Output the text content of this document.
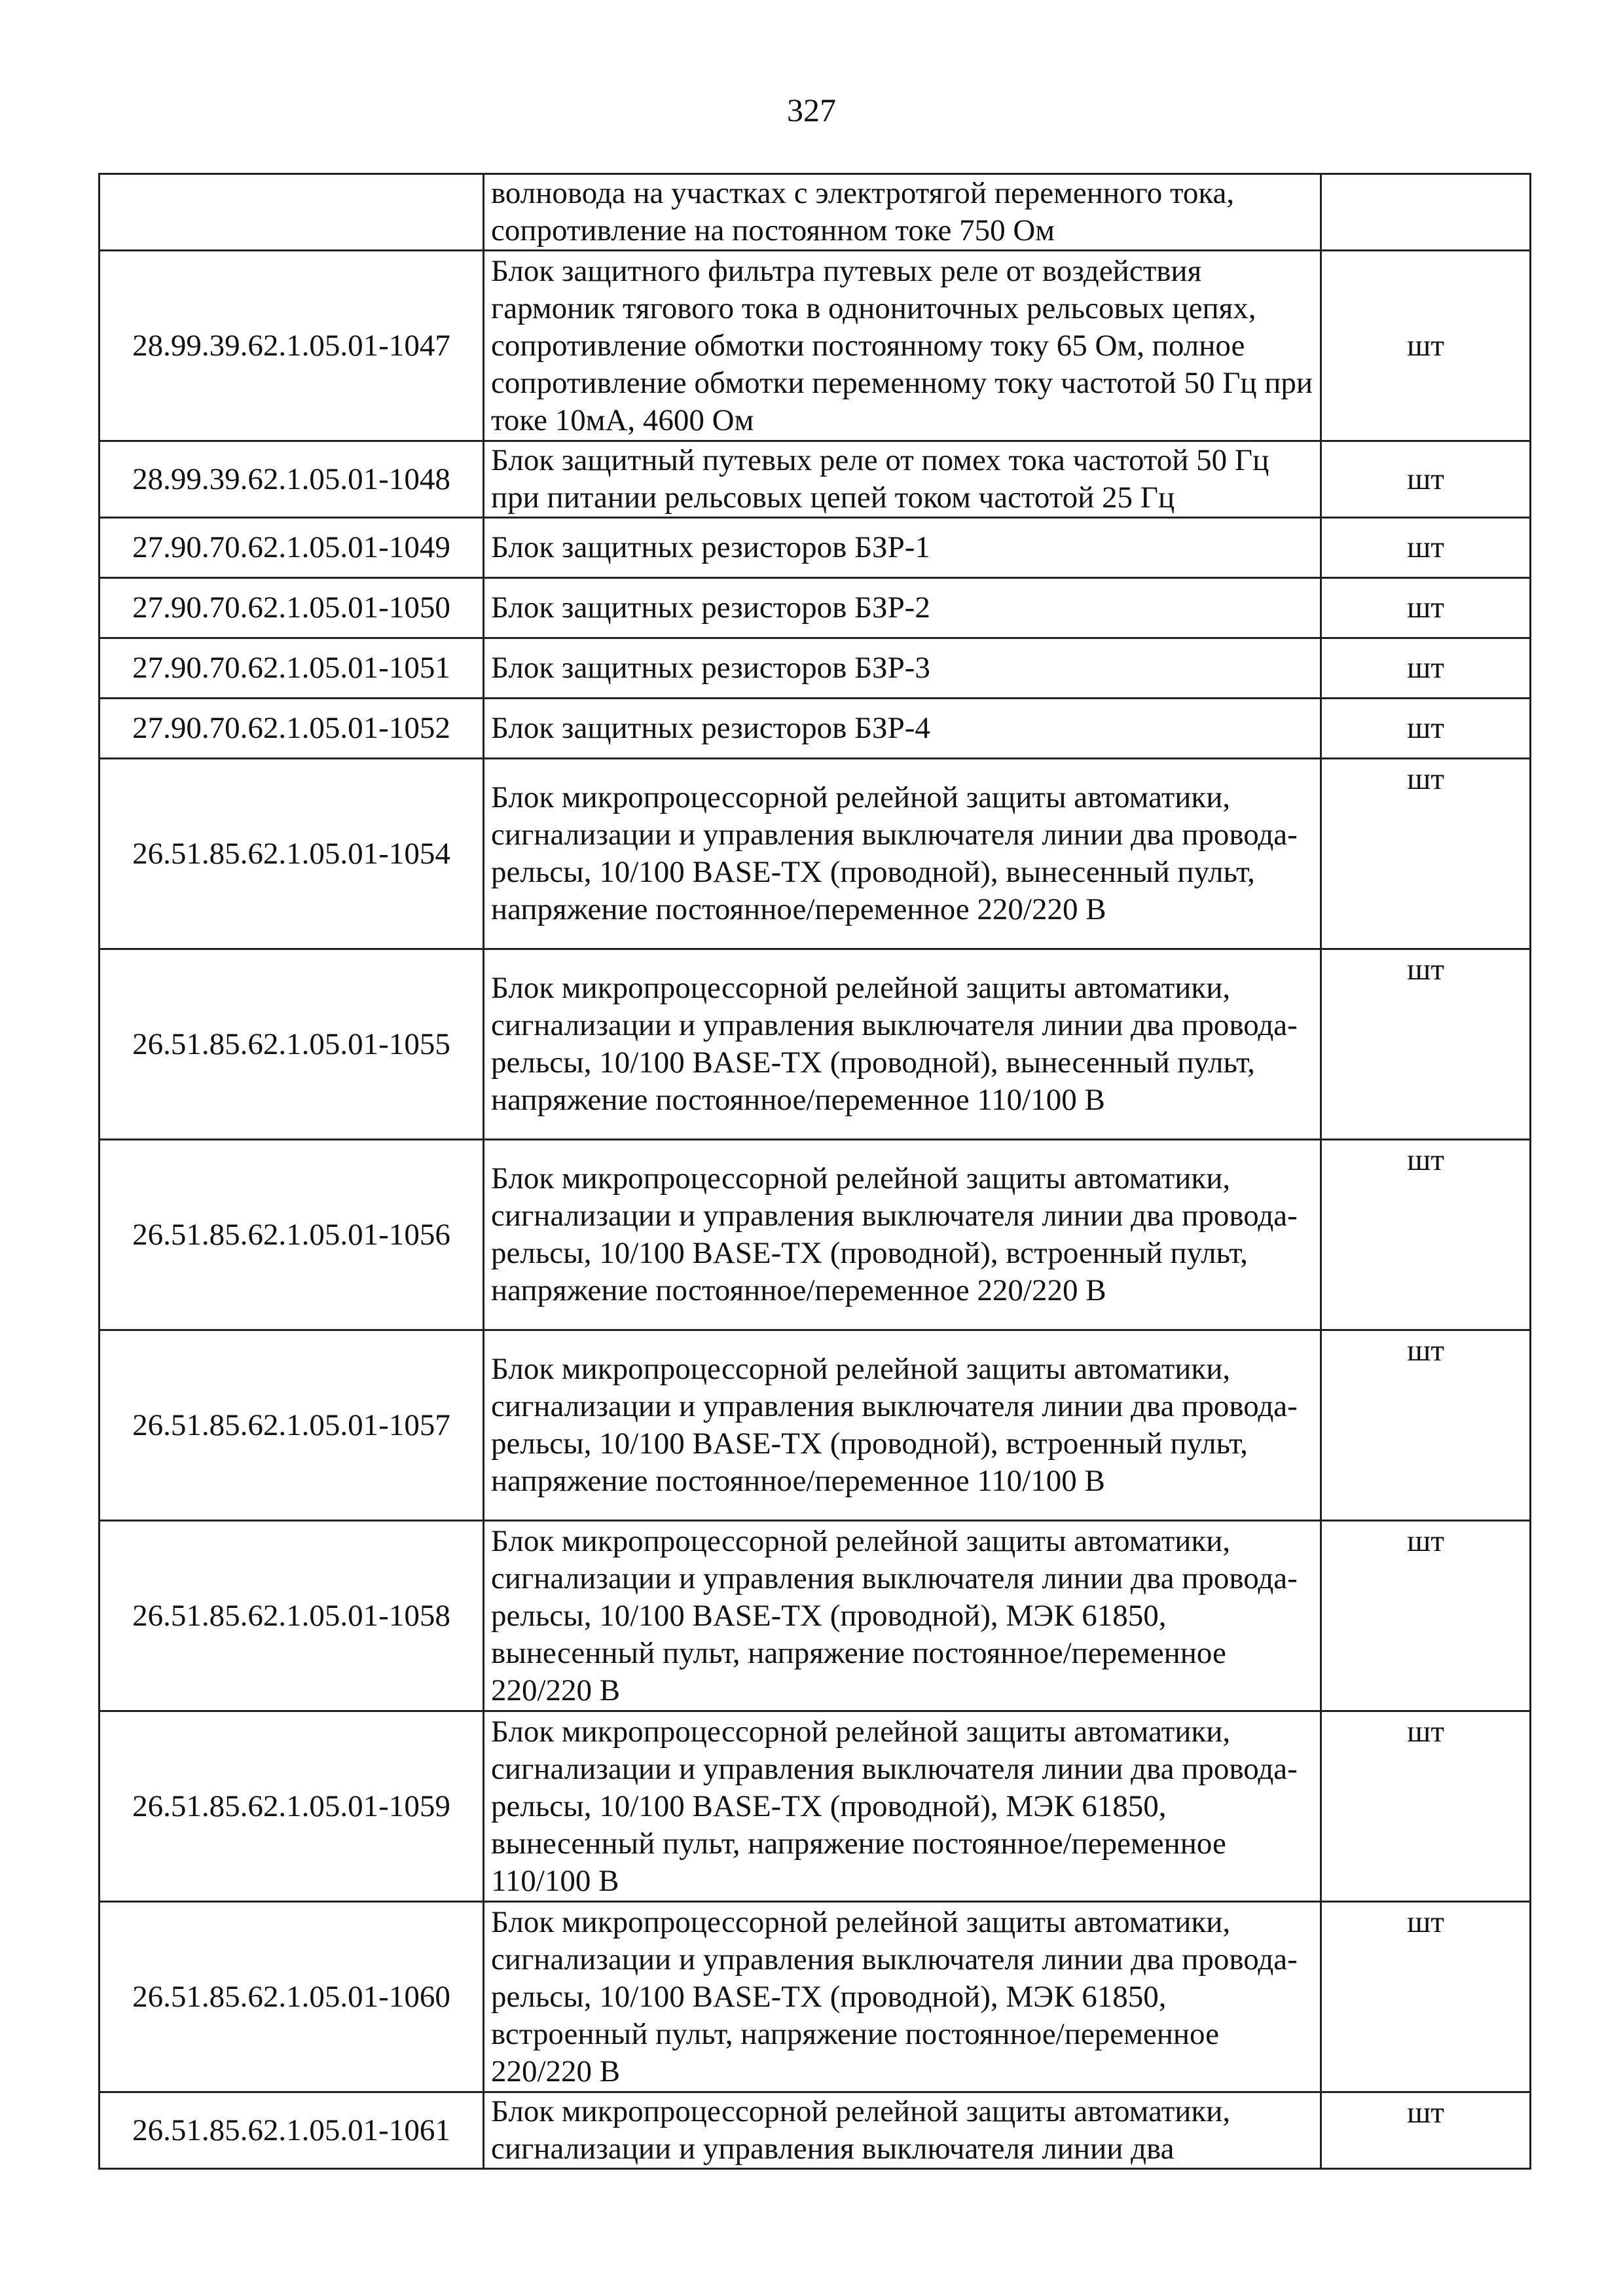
327
	волновода на участках с электротягой переменного тока, сопротивление на постоянном токе 750 Ом	
28.99.39.62.1.05.01-1047	Блок защитного фильтра путевых реле от воздействия гармоник тягового тока в однониточных рельсовых цепях, сопротивление обмотки постоянному току 65 Ом, полное сопротивление обмотки переменному току частотой 50 Гц при токе 10мА, 4600 Ом	шт
28.99.39.62.1.05.01-1048	Блок защитный путевых реле от помех тока частотой 50 Гц при питании рельсовых цепей током частотой 25 Гц	шт
27.90.70.62.1.05.01-1049	Блок защитных резисторов БЗР-1	шт
27.90.70.62.1.05.01-1050	Блок защитных резисторов БЗР-2	шт
27.90.70.62.1.05.01-1051	Блок защитных резисторов БЗР-3	шт
27.90.70.62.1.05.01-1052	Блок защитных резисторов БЗР-4	шт
26.51.85.62.1.05.01-1054	Блок микропроцессорной релейной защиты автоматики, сигнализации и управления выключателя линии два провода-рельсы, 10/100 BASE-TX (проводной), вынесенный пульт, напряжение постоянное/переменное 220/220 В	шт
26.51.85.62.1.05.01-1055	Блок микропроцессорной релейной защиты автоматики, сигнализации и управления выключателя линии два провода-рельсы, 10/100 BASE-TX (проводной), вынесенный пульт, напряжение постоянное/переменное 110/100 В	шт
26.51.85.62.1.05.01-1056	Блок микропроцессорной релейной защиты автоматики, сигнализации и управления выключателя линии два провода-рельсы, 10/100 BASE-TX (проводной), встроенный пульт, напряжение постоянное/переменное 220/220 В	шт
26.51.85.62.1.05.01-1057	Блок микропроцессорной релейной защиты автоматики, сигнализации и управления выключателя линии два провода-рельсы, 10/100 BASE-TX (проводной), встроенный пульт, напряжение постоянное/переменное 110/100 В	шт
26.51.85.62.1.05.01-1058	Блок микропроцессорной релейной защиты автоматики, сигнализации и управления выключателя линии два провода-рельсы, 10/100 BASE-TX (проводной), МЭК 61850, вынесенный пульт, напряжение постоянное/переменное 220/220 В	шт
26.51.85.62.1.05.01-1059	Блок микропроцессорной релейной защиты автоматики, сигнализации и управления выключателя линии два провода-рельсы, 10/100 BASE-TX (проводной), МЭК 61850, вынесенный пульт, напряжение постоянное/переменное 110/100 В	шт
26.51.85.62.1.05.01-1060	Блок микропроцессорной релейной защиты автоматики, сигнализации и управления выключателя линии два провода-рельсы, 10/100 BASE-TX (проводной), МЭК 61850, встроенный пульт, напряжение постоянное/переменное 220/220 В	шт
26.51.85.62.1.05.01-1061	Блок микропроцессорной релейной защиты автоматики, сигнализации и управления выключателя линии два	шт
